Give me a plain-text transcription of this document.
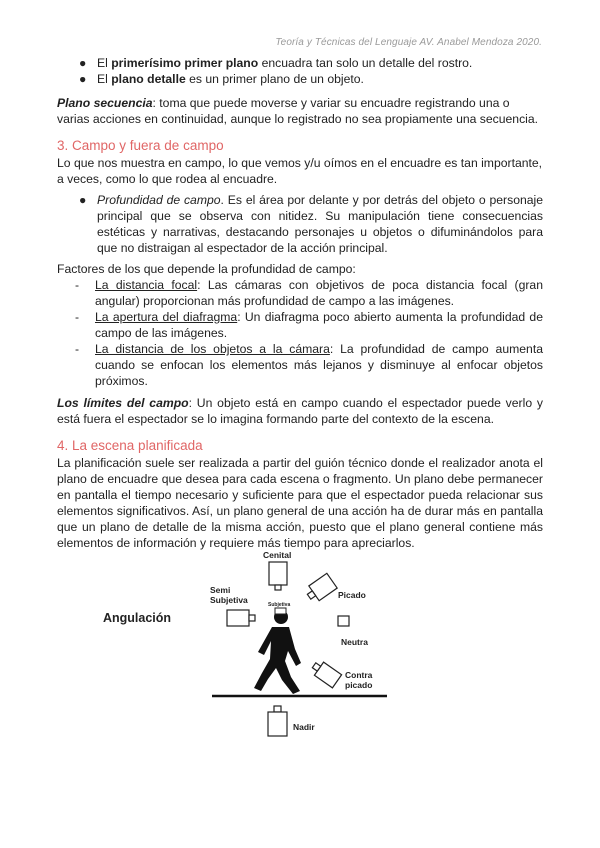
Teoría y Técnicas del Lenguaje AV. Anabel Mendoza 2020.
● El primerísimo primer plano encuadra tan solo un detalle del rostro.
● El plano detalle es un primer plano de un objeto.

Plano secuencia: toma que puede moverse y variar su encuadre registrando una o varias acciones en continuidad, aunque lo registrado no sea propiamente una secuencia.

3. Campo y fuera de campo

Lo que nos muestra en campo, lo que vemos y/u oímos en el encuadre es tan importante, a veces, como lo que rodea al encuadre.

● Profundidad de campo. Es el área por delante y por detrás del objeto o personaje principal que se observa con nitidez. Su manipulación tiene consecuencias estéticas y narrativas, destacando personajes u objetos o difuminándolos para que no distraigan al espectador de la acción principal.

Factores de los que depende la profundidad de campo:

- La distancia focal: Las cámaras con objetivos de poca distancia focal (gran angular) proporcionan más profundidad de campo a las imágenes.
- La apertura del diafragma: Un diafragma poco abierto aumenta la profundidad de campo de las imágenes.
- La distancia de los objetos a la cámara: La profundidad de campo aumenta cuando se enfocan los elementos más lejanos y disminuye al enfocar objetos próximos.

Los límites del campo: Un objeto está en campo cuando el espectador puede verlo y está fuera el espectador se lo imagina formando parte del contexto de la escena.

4. La escena planificada

La planificación suele ser realizada a partir del guión técnico donde el realizador anota el plano de encuadre que desea para cada escena o fragmento. Un plano debe permanecer en pantalla el tiempo necesario y suficiente para que el espectador pueda relacionar sus elementos significativos. Así, un plano general de una acción ha de durar más en pantalla que un plano de detalle de la misma acción, puesto que el plano general contiene más elementos de información y requiere más tiempo para apreciarlos.

Angulación
Cenital
Semi
Subjetiva	Subjetiva
Picado
Neutra
Contra
picado
Nadir
